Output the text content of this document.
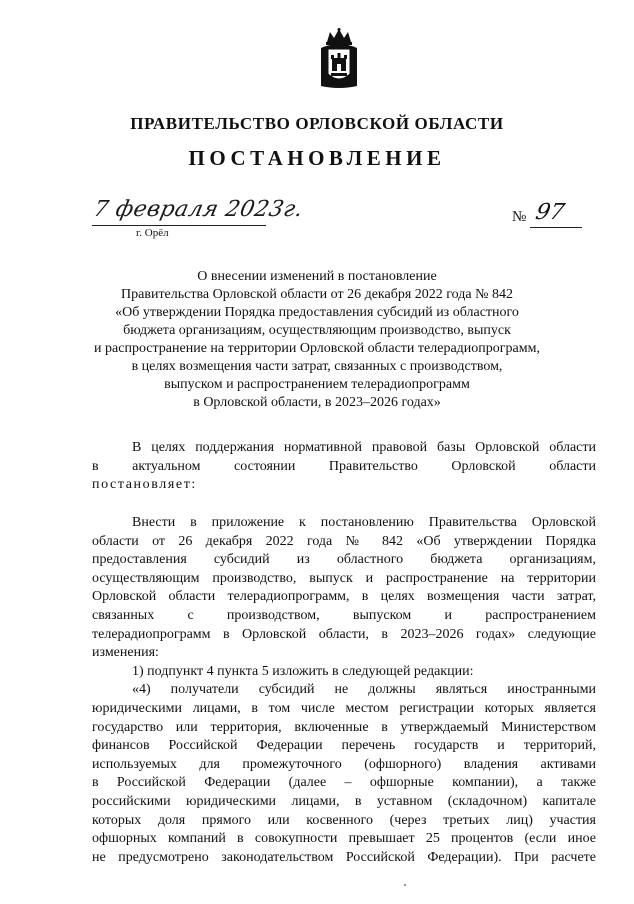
ПРАВИТЕЛЬСТВО ОРЛОВСКОЙ ОБЛАСТИ
ПОСТАНОВЛЕНИЕ
7 февраля 2023г.
г. Орёл
№ 97
О внесении изменений в постановление
Правительства Орловской области от 26 декабря 2022 года № 842
«Об утверждении Порядка предоставления субсидий из областного
бюджета организациям, осуществляющим производство, выпуск
и распространение на территории Орловской области телерадиопрограмм,
в целях возмещения части затрат, связанных с производством,
выпуском и распространением телерадиопрограмм
в Орловской области, в 2023–2026 годах»
В целях поддержания нормативной правовой базы Орловской области
в актуальном состоянии Правительство Орловской области
постановляет:
Внести в приложение к постановлению Правительства Орловской
области от 26 декабря 2022 года № 842 «Об утверждении Порядка
предоставления субсидий из областного бюджета организациям,
осуществляющим производство, выпуск и распространение на территории
Орловской области телерадиопрограмм, в целях возмещения части затрат,
связанных с производством, выпуском и распространением
телерадиопрограмм в Орловской области, в 2023–2026 годах» следующие
изменения:
1) подпункт 4 пункта 5 изложить в следующей редакции:
«4) получатели субсидий не должны являться иностранными
юридическими лицами, в том числе местом регистрации которых является
государство или территория, включенные в утверждаемый Министерством
финансов Российской Федерации перечень государств и территорий,
используемых для промежуточного (офшорного) владения активами
в Российской Федерации (далее – офшорные компании), а также
российскими юридическими лицами, в уставном (складочном) капитале
которых доля прямого или косвенного (через третьих лиц) участия
офшорных компаний в совокупности превышает 25 процентов (если иное
не предусмотрено законодательством Российской Федерации). При расчете
